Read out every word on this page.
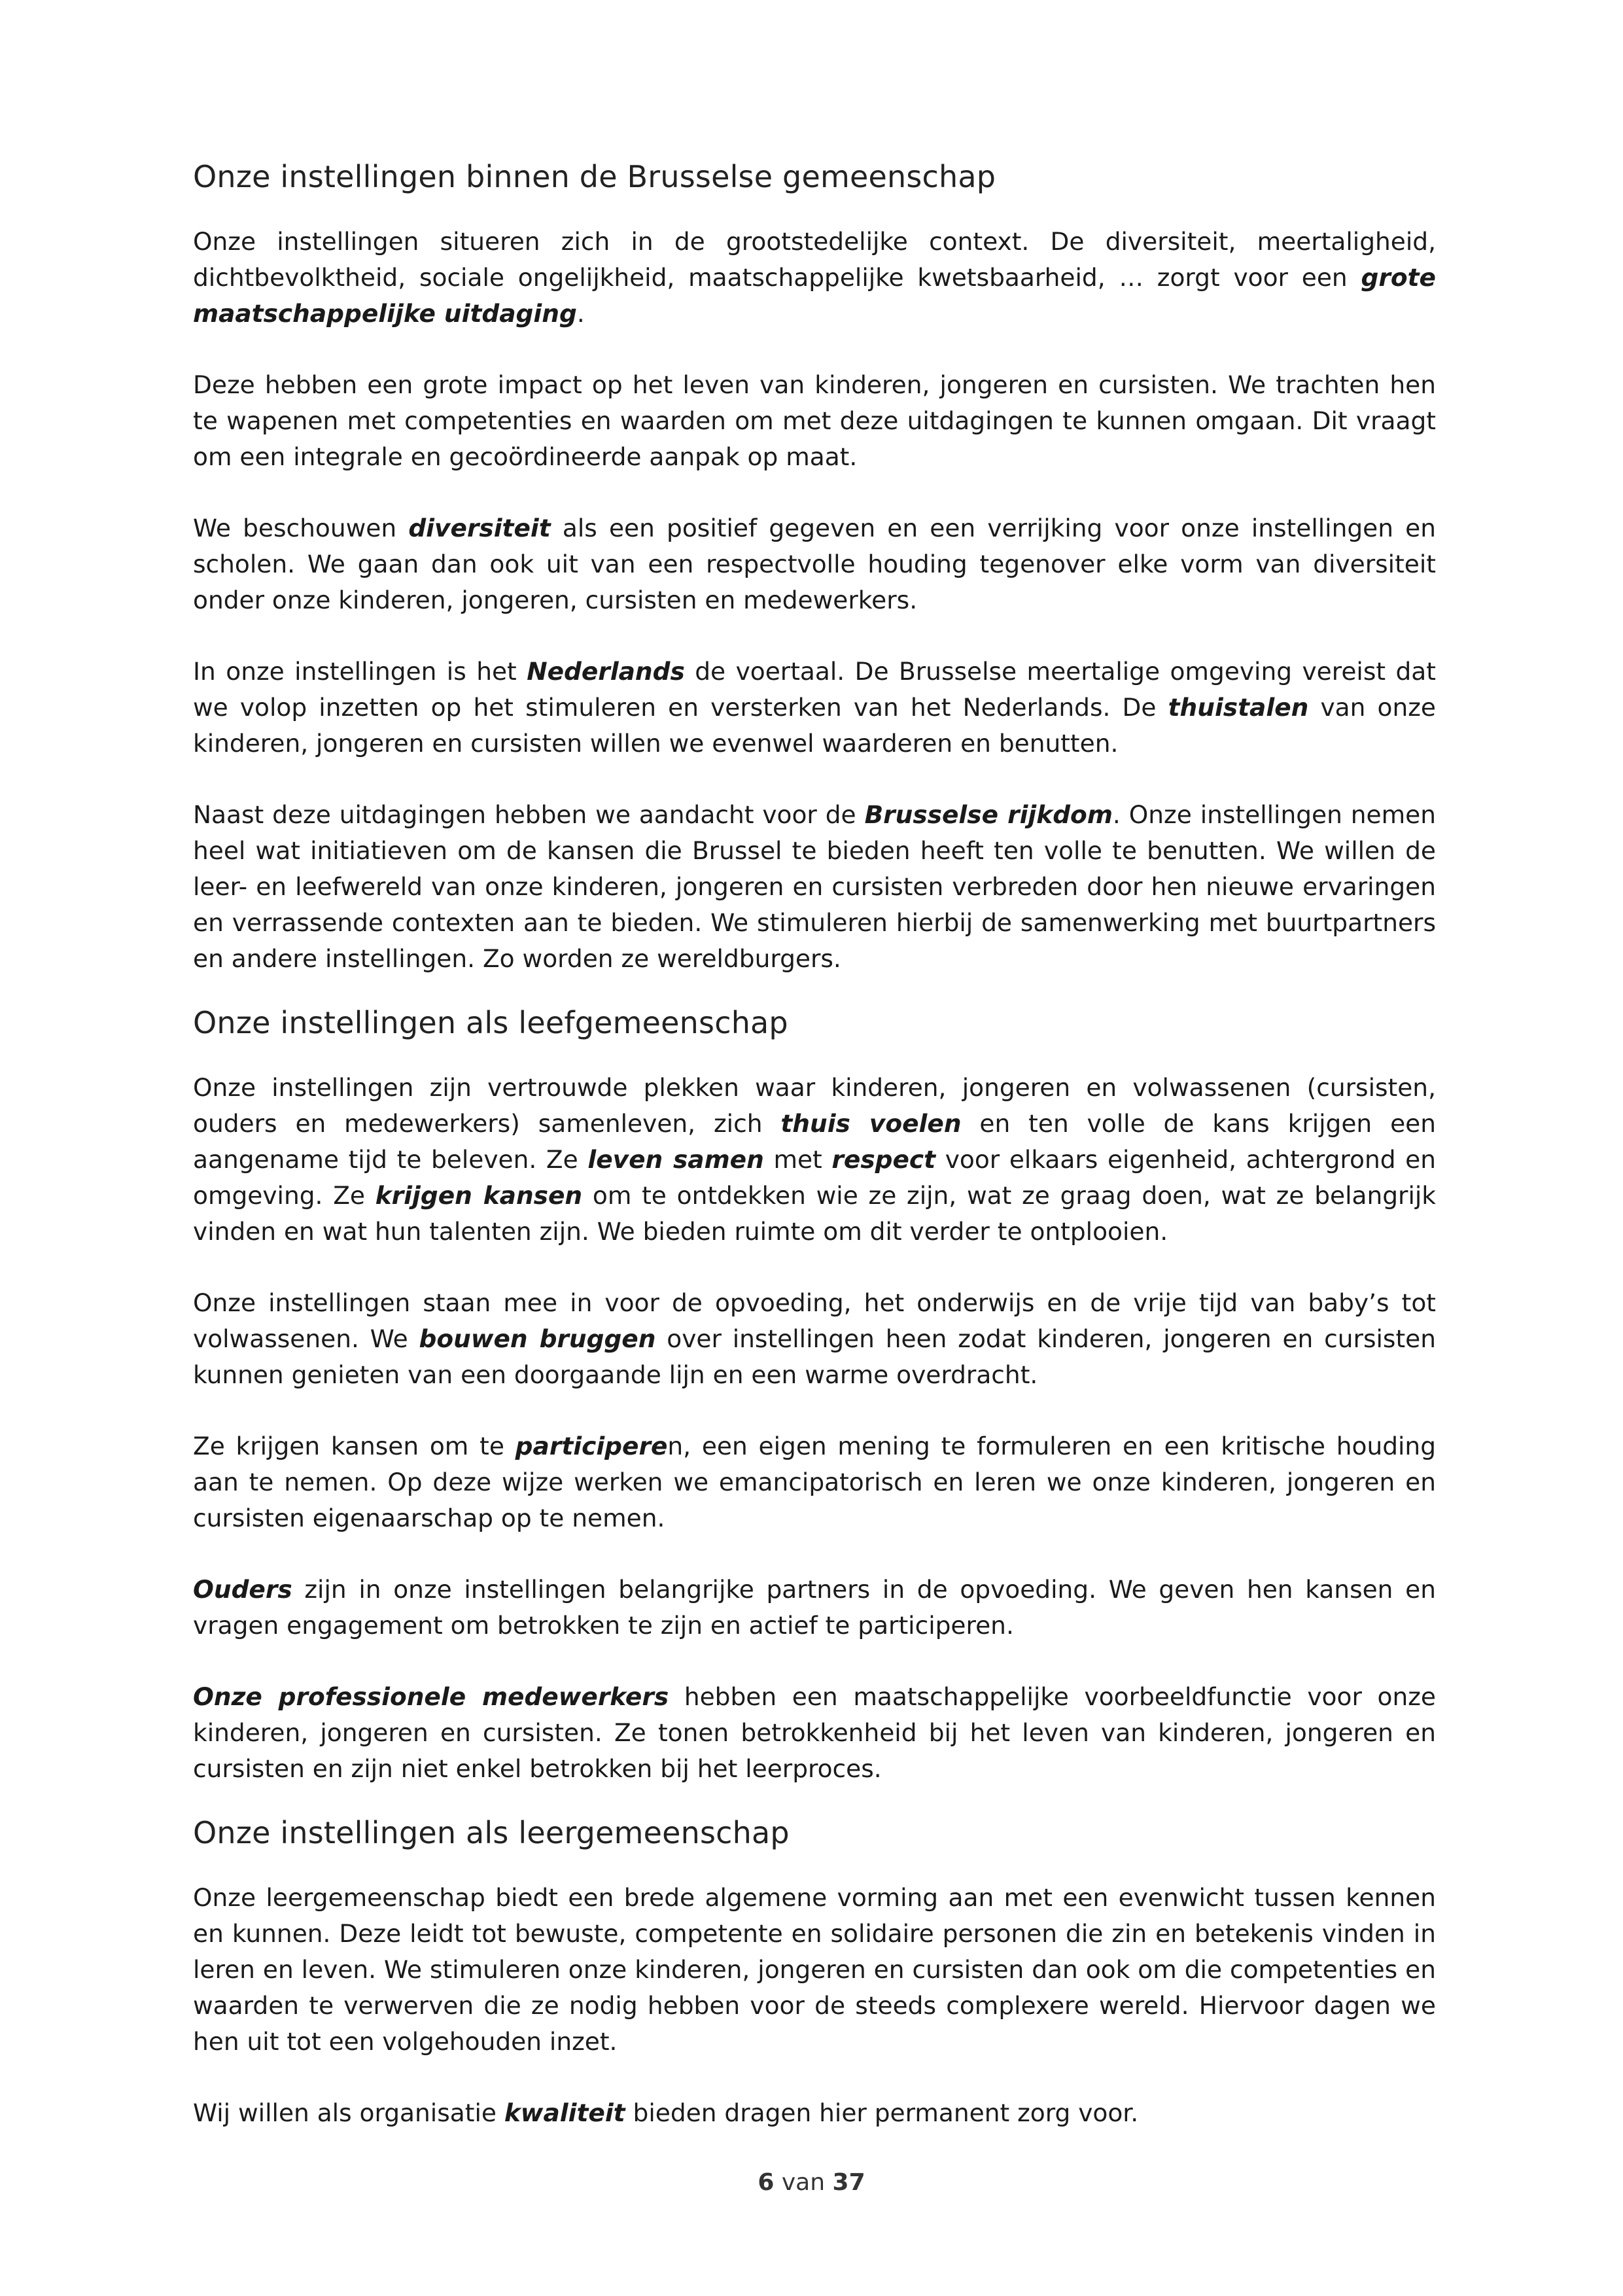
Onze instellingen binnen de Brusselse gemeenschap

Onze instellingen situeren zich in de grootstedelijke context. De diversiteit, meertaligheid, dichtbevolktheid, sociale ongelijkheid, maatschappelijke kwetsbaarheid, … zorgt voor een grote maatschappelijke uitdaging.

Deze hebben een grote impact op het leven van kinderen, jongeren en cursisten. We trachten hen te wapenen met competenties en waarden om met deze uitdagingen te kunnen omgaan. Dit vraagt om een integrale en gecoördineerde aanpak op maat.

We beschouwen diversiteit als een positief gegeven en een verrijking voor onze instellingen en scholen. We gaan dan ook uit van een respectvolle houding tegenover elke vorm van diversiteit onder onze kinderen, jongeren, cursisten en medewerkers.

In onze instellingen is het Nederlands de voertaal. De Brusselse meertalige omgeving vereist dat we volop inzetten op het stimuleren en versterken van het Nederlands. De thuistalen van onze kinderen, jongeren en cursisten willen we evenwel waarderen en benutten.

Naast deze uitdagingen hebben we aandacht voor de Brusselse rijkdom. Onze instellingen nemen heel wat initiatieven om de kansen die Brussel te bieden heeft ten volle te benutten. We willen de leer- en leefwereld van onze kinderen, jongeren en cursisten verbreden door hen nieuwe ervaringen en verrassende contexten aan te bieden. We stimuleren hierbij de samenwerking met buurtpartners en andere instellingen. Zo worden ze wereldburgers.

Onze instellingen als leefgemeenschap

Onze instellingen zijn vertrouwde plekken waar kinderen, jongeren en volwassenen (cursisten, ouders en medewerkers) samenleven, zich thuis voelen en ten volle de kans krijgen een aangename tijd te beleven. Ze leven samen met respect voor elkaars eigenheid, achtergrond en omgeving. Ze krijgen kansen om te ontdekken wie ze zijn, wat ze graag doen, wat ze belangrijk vinden en wat hun talenten zijn. We bieden ruimte om dit verder te ontplooien.

Onze instellingen staan mee in voor de opvoeding, het onderwijs en de vrije tijd van baby’s tot volwassenen. We bouwen bruggen over instellingen heen zodat kinderen, jongeren en cursisten kunnen genieten van een doorgaande lijn en een warme overdracht.

Ze krijgen kansen om te participeren, een eigen mening te formuleren en een kritische houding aan te nemen. Op deze wijze werken we emancipatorisch en leren we onze kinderen, jongeren en cursisten eigenaarschap op te nemen.

Ouders zijn in onze instellingen belangrijke partners in de opvoeding. We geven hen kansen en vragen engagement om betrokken te zijn en actief te participeren.

Onze professionele medewerkers hebben een maatschappelijke voorbeeldfunctie voor onze kinderen, jongeren en cursisten. Ze tonen betrokkenheid bij het leven van kinderen, jongeren en cursisten en zijn niet enkel betrokken bij het leerproces.

Onze instellingen als leergemeenschap

Onze leergemeenschap biedt een brede algemene vorming aan met een evenwicht tussen kennen en kunnen. Deze leidt tot bewuste, competente en solidaire personen die zin en betekenis vinden in leren en leven. We stimuleren onze kinderen, jongeren en cursisten dan ook om die competenties en waarden te verwerven die ze nodig hebben voor de steeds complexere wereld. Hiervoor dagen we hen uit tot een volgehouden inzet.

Wij willen als organisatie kwaliteit bieden dragen hier permanent zorg voor.

6 van 37
